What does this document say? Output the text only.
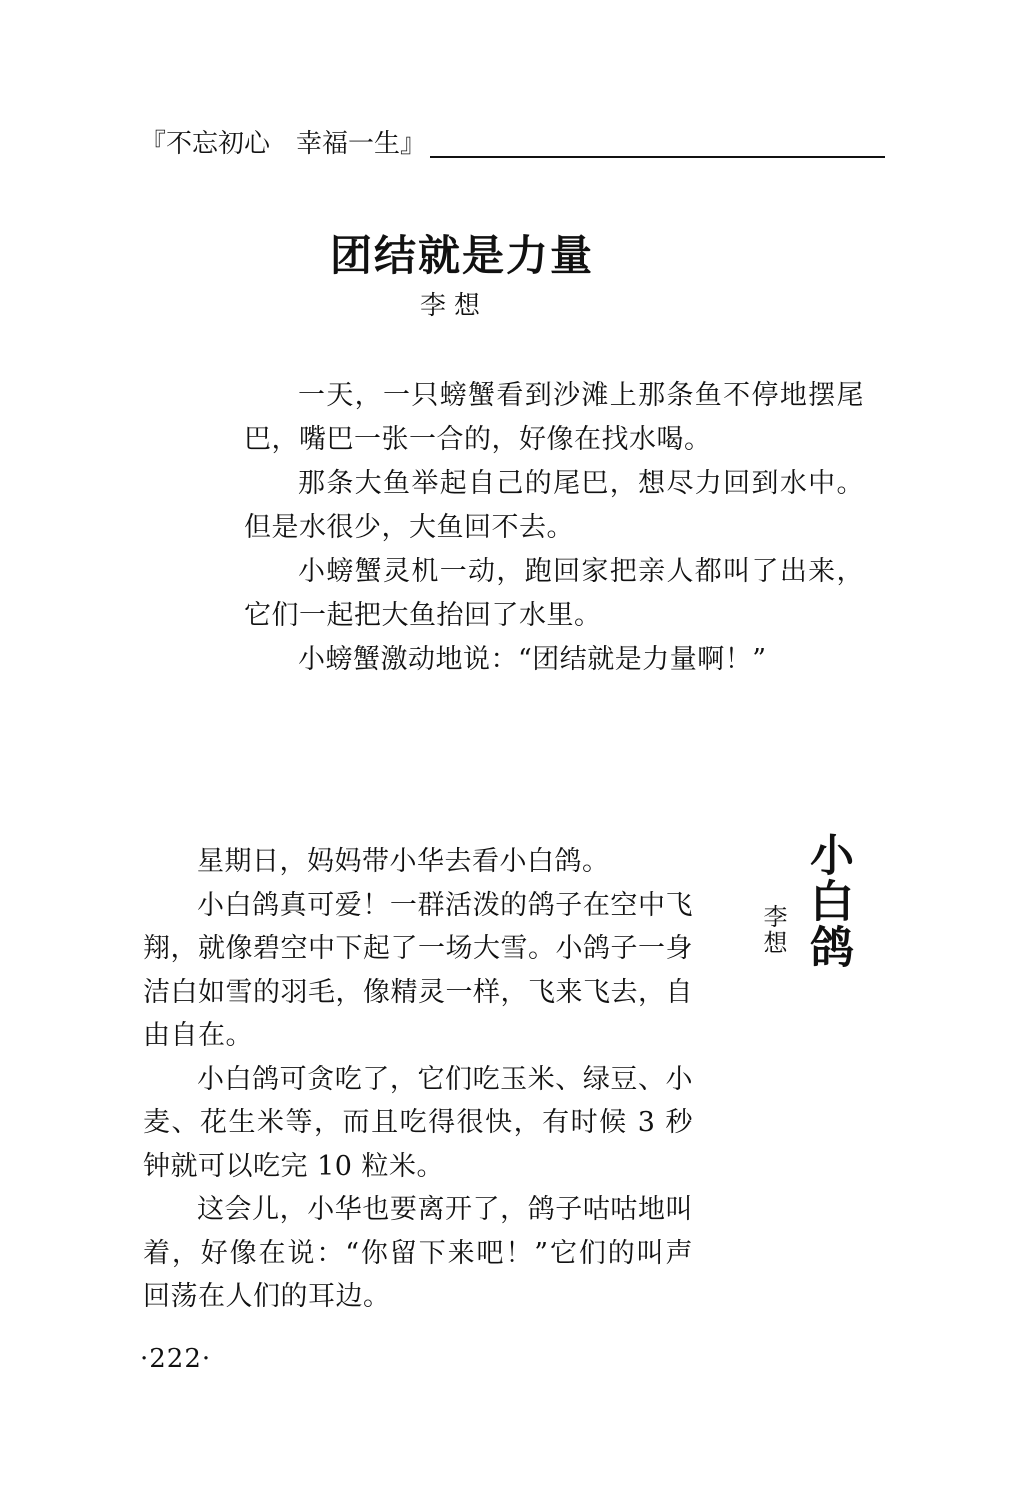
『不忘初心　幸福一生』
团结就是力量
李想

一天，一只螃蟹看到沙滩上那条鱼不停地摆尾巴，嘴巴一张一合的，好像在找水喝。

那条大鱼举起自己的尾巴，想尽力回到水中。但是水很少，大鱼回不去。

小螃蟹灵机一动，跑回家把亲人都叫了出来，它们一起把大鱼抬回了水里。

小螃蟹激动地说：“团结就是力量啊！”

小白鸽
李想

星期日，妈妈带小华去看小白鸽。

小白鸽真可爱！一群活泼的鸽子在空中飞翔，就像碧空中下起了一场大雪。小鸽子一身洁白如雪的羽毛，像精灵一样，飞来飞去，自由自在。

小白鸽可贪吃了，它们吃玉米、绿豆、小麦、花生米等，而且吃得很快，有时候 3 秒钟就可以吃完 10 粒米。

这会儿，小华也要离开了，鸽子咕咕地叫着，好像在说：“你留下来吧！”它们的叫声回荡在人们的耳边。

·222·
